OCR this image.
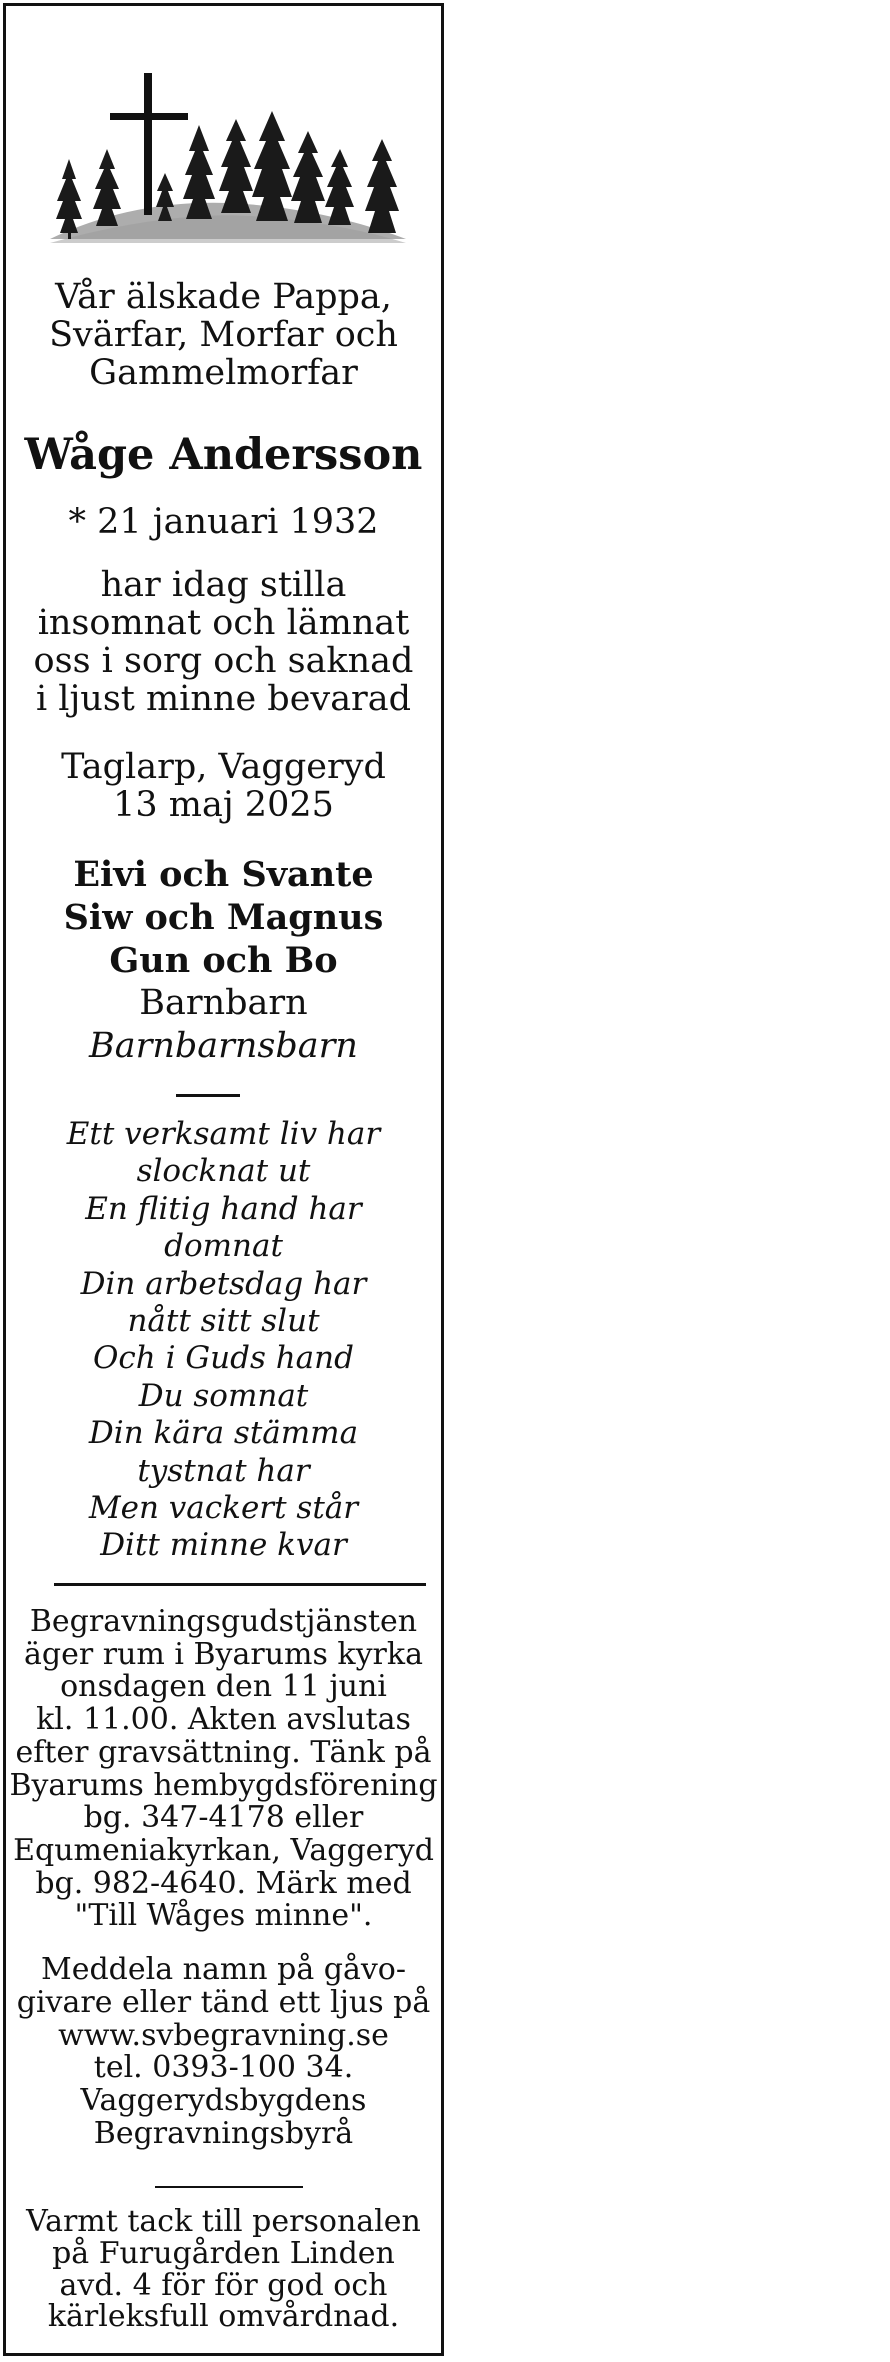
Vår älskade Pappa,
Svärfar, Morfar och
Gammelmorfar
Wåge Andersson
* 21 januari 1932
har idag stilla
insomnat och lämnat
oss i sorg och saknad
i ljust minne bevarad
Taglarp, Vaggeryd
13 maj 2025
Eivi och Svante
Siw och Magnus
Gun och Bo
Barnbarn
Barnbarnsbarn
Ett verksamt liv har
slocknat ut
En flitig hand har
domnat
Din arbetsdag har
nått sitt slut
Och i Guds hand
Du somnat
Din kära stämma
tystnat har
Men vackert står
Ditt minne kvar
Begravningsgudstjänsten
äger rum i Byarums kyrka
onsdagen den 11 juni
kl. 11.00. Akten avslutas
efter gravsättning. Tänk på
Byarums hembygdsförening
bg. 347-4178 eller
Equmeniakyrkan, Vaggeryd
bg. 982-4640. Märk med
"Till Wåges minne".
Meddela namn på gåvo-
givare eller tänd ett ljus på
www.svbegravning.se
tel. 0393-100 34.
Vaggerydsbygdens
Begravningsbyrå
Varmt tack till personalen
på Furugården Linden
avd. 4 för för god och
kärleksfull omvårdnad.
